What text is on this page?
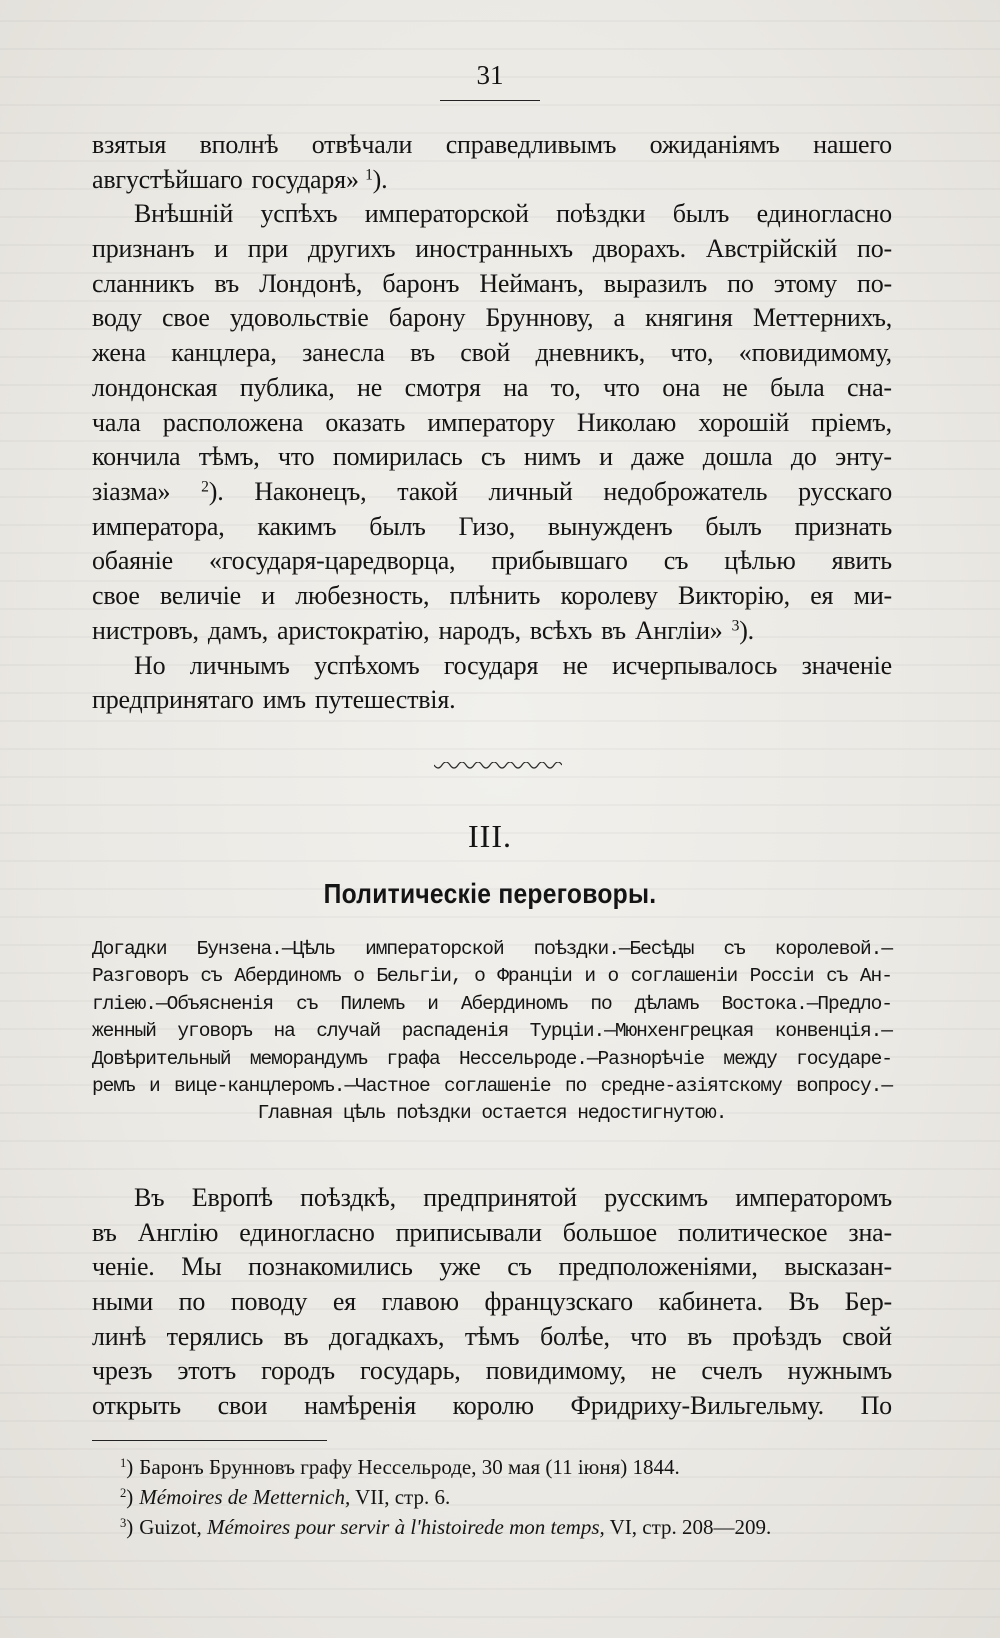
31
взятыя вполнѣ отвѣчали справедливымъ ожиданіямъ нашего
августѣйшаго государя» $^1$).
Внѣшній успѣхъ императорской поѣздки былъ единогласно
признанъ и при другихъ иностранныхъ дворахъ. Австрійскій по-
сланникъ въ Лондонѣ, баронъ Нейманъ, выразилъ по этому по-
воду свое удовольствіе барону Бруннову, а княгиня Меттернихъ,
жена канцлера, занесла въ свой дневникъ, что, «повидимому,
лондонская публика, не смотря на то, что она не была сна-
чала расположена оказать императору Николаю хорошій пріемъ,
кончила тѣмъ, что помирилась съ нимъ и даже дошла до энту-
зіазма» $^2$). Наконецъ, такой личный недоброжатель русскаго
императора, какимъ былъ Гизо, вынужденъ былъ признать
обаяніе «государя-царедворца, прибывшаго съ цѣлью явить
свое величіе и любезность, плѣнить королеву Викторію, ея ми-
нистровъ, дамъ, аристократію, народъ, всѣхъ въ Англіи» $^3$).
Но личнымъ успѣхомъ государя не исчерпывалось значеніе
предпринятаго имъ путешествія.
III.
Политическіе переговоры.
Догадки Бунзена.—Цѣль императорской поѣздки.—Бесѣды съ королевой.—
Разговоръ съ Абердиномъ о Бельгіи, о Франціи и о соглашеніи Россіи съ Ан-
гліею.—Объясненія съ Пилемъ и Абердиномъ по дѣламъ Востока.—Предло-
женный уговоръ на случай распаденія Турціи.—Мюнхенгрецкая конвенція.—
Довѣрительный меморандумъ графа Нессельроде.—Разнорѣчіе между государе-
ремъ и вице-канцлеромъ.—Частное соглашеніе по средне-азіятскому вопросу.—
Главная цѣль поѣздки остается недостигнутою.
Въ Европѣ поѣздкѣ, предпринятой русскимъ императоромъ
въ Англію единогласно приписывали большое политическое зна-
ченіе. Мы познакомились уже съ предположеніями, высказан-
ными по поводу ея главою французскаго кабинета. Въ Бер-
линѣ терялись въ догадкахъ, тѣмъ болѣе, что въ проѣздъ свой
чрезъ этотъ городъ государь, повидимому, не счелъ нужнымъ
открыть свои намѣренія королю Фридриху-Вильгельму. По
$^1$) Баронъ Брунновъ графу Нессельроде, 30 мая (11 іюня) 1844.
$^2$) Mémoires de Metternich, VII, стр. 6.
$^3$) Guizot, Mémoires pour servir à l'histoirede mon temps, VI, стр. 208—209.
